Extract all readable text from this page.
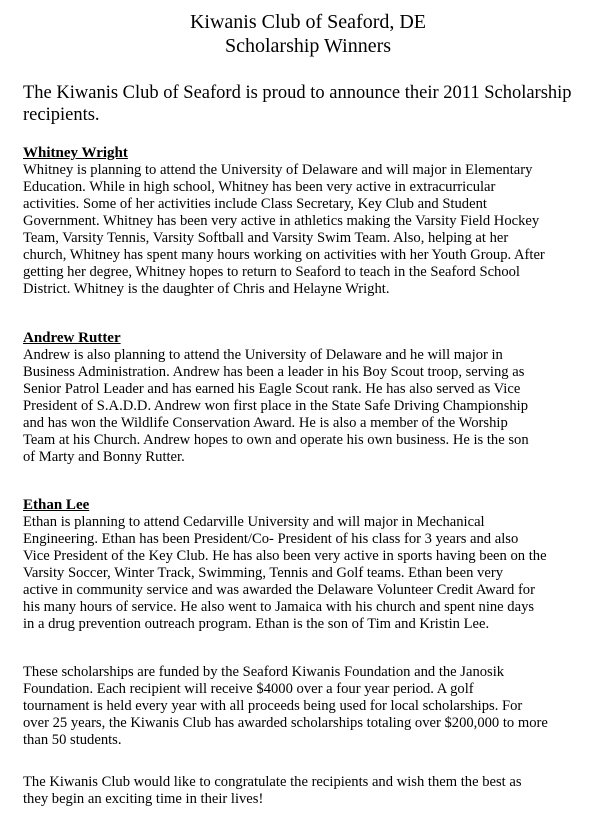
Kiwanis Club of Seaford, DE
Scholarship Winners

The Kiwanis Club of Seaford is proud to announce their 2011 Scholarship
recipients.

Whitney Wright
Whitney is planning to attend the University of Delaware and will major in Elementary
Education. While in high school, Whitney has been very active in extracurricular
activities. Some of her activities include Class Secretary, Key Club and Student
Government. Whitney has been very active in athletics making the Varsity Field Hockey
Team, Varsity Tennis, Varsity Softball and Varsity Swim Team. Also, helping at her
church, Whitney has spent many hours working on activities with her Youth Group. After
getting her degree, Whitney hopes to return to Seaford to teach in the Seaford School
District. Whitney is the daughter of Chris and Helayne Wright.
Andrew Rutter
Andrew is also planning to attend the University of Delaware and he will major in
Business Administration. Andrew has been a leader in his Boy Scout troop, serving as
Senior Patrol Leader and has earned his Eagle Scout rank. He has also served as Vice
President of S.A.D.D. Andrew won first place in the State Safe Driving Championship
and has won the Wildlife Conservation Award. He is also a member of the Worship
Team at his Church. Andrew hopes to own and operate his own business. He is the son
of Marty and Bonny Rutter.
Ethan Lee
Ethan is planning to attend Cedarville University and will major in Mechanical
Engineering. Ethan has been President/Co- President of his class for 3 years and also
Vice President of the Key Club. He has also been very active in sports having been on the
Varsity Soccer, Winter Track, Swimming, Tennis and Golf teams. Ethan been very
active in community service and was awarded the Delaware Volunteer Credit Award for
his many hours of service. He also went to Jamaica with his church and spent nine days
in a drug prevention outreach program. Ethan is the son of Tim and Kristin Lee.
These scholarships are funded by the Seaford Kiwanis Foundation and the Janosik
Foundation. Each recipient will receive $4000 over a four year period. A golf
tournament is held every year with all proceeds being used for local scholarships. For
over 25 years, the Kiwanis Club has awarded scholarships totaling over $200,000 to more
than 50 students.
The Kiwanis Club would like to congratulate the recipients and wish them the best as
they begin an exciting time in their lives!
